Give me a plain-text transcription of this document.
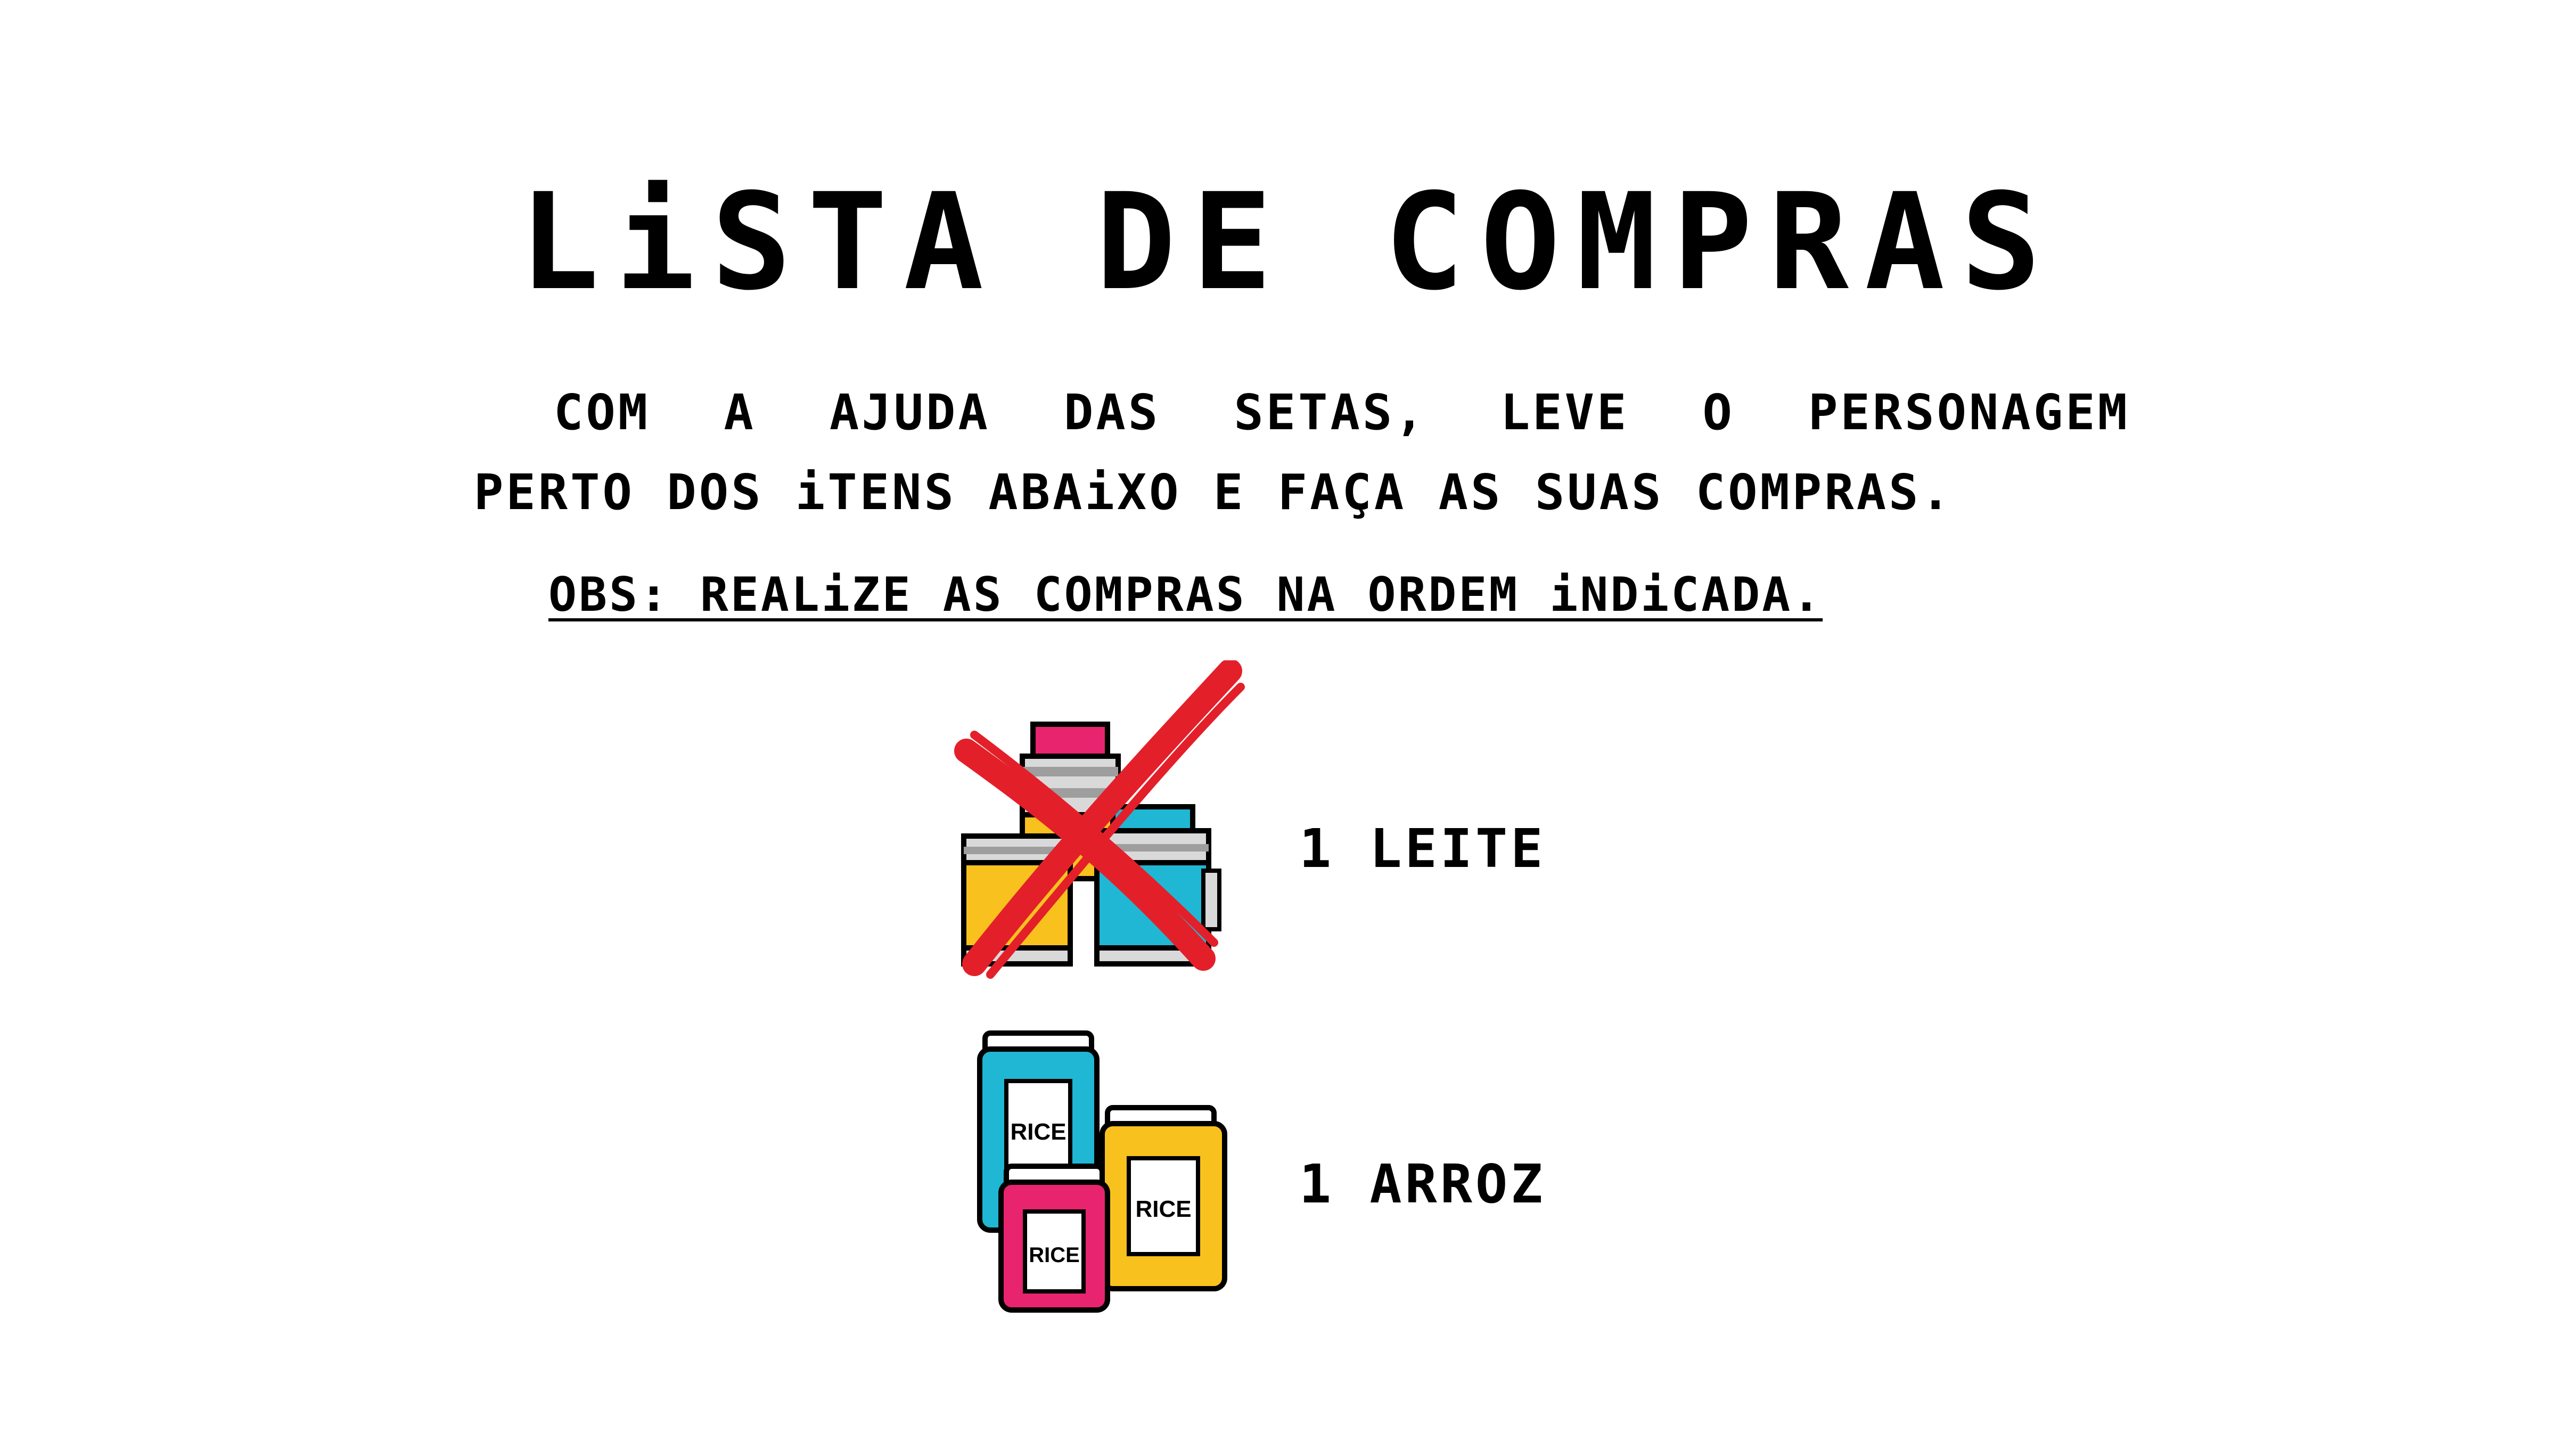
LiSTA DE COMPRAS
COM A AJUDA DAS SETAS, LEVE O PERSONAGEM
PERTO DOS iTENS ABAiXO E FAÇA AS SUAS COMPRAS.
OBS: REALiZE AS COMPRAS NA ORDEM iNDiCADA.
1 LEITE
RICE
RICE
RICE
1 ARROZ
